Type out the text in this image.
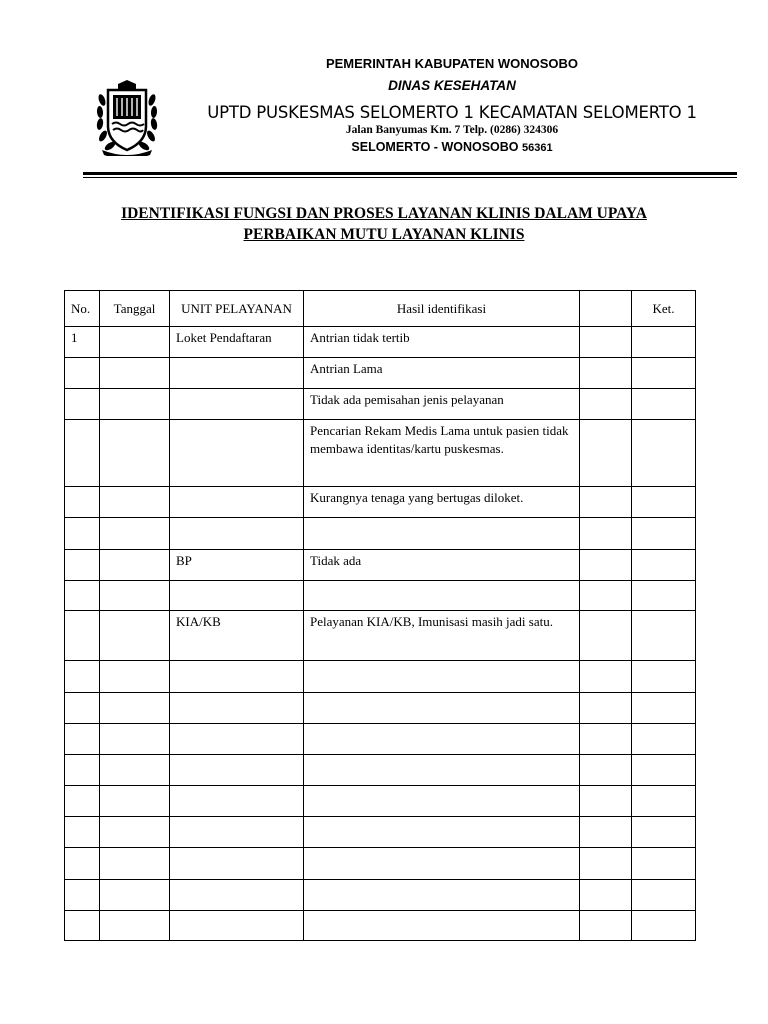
PEMERINTAH KABUPATEN WONOSOBO
DINAS KESEHATAN
UPTD PUSKESMAS SELOMERTO 1 KECAMATAN SELOMERTO 1
Jalan Banyumas Km. 7 Telp. (0286) 324306
SELOMERTO - WONOSOBO 56361
IDENTIFIKASI FUNGSI DAN PROSES LAYANAN KLINIS DALAM UPAYA
PERBAIKAN MUTU LAYANAN KLINIS
No.	Tanggal	UNIT PELAYANAN	Hasil identifikasi		Ket.
1		Loket Pendaftaran	Antrian tidak tertib		
			Antrian Lama		
			Tidak ada pemisahan jenis pelayanan		
			Pencarian Rekam Medis Lama untuk pasien tidak membawa identitas/kartu puskesmas.		
			Kurangnya tenaga yang bertugas diloket.		

		BP	Tidak ada		

		KIA/KB	Pelayanan KIA/KB, Imunisasi masih jadi satu.		
